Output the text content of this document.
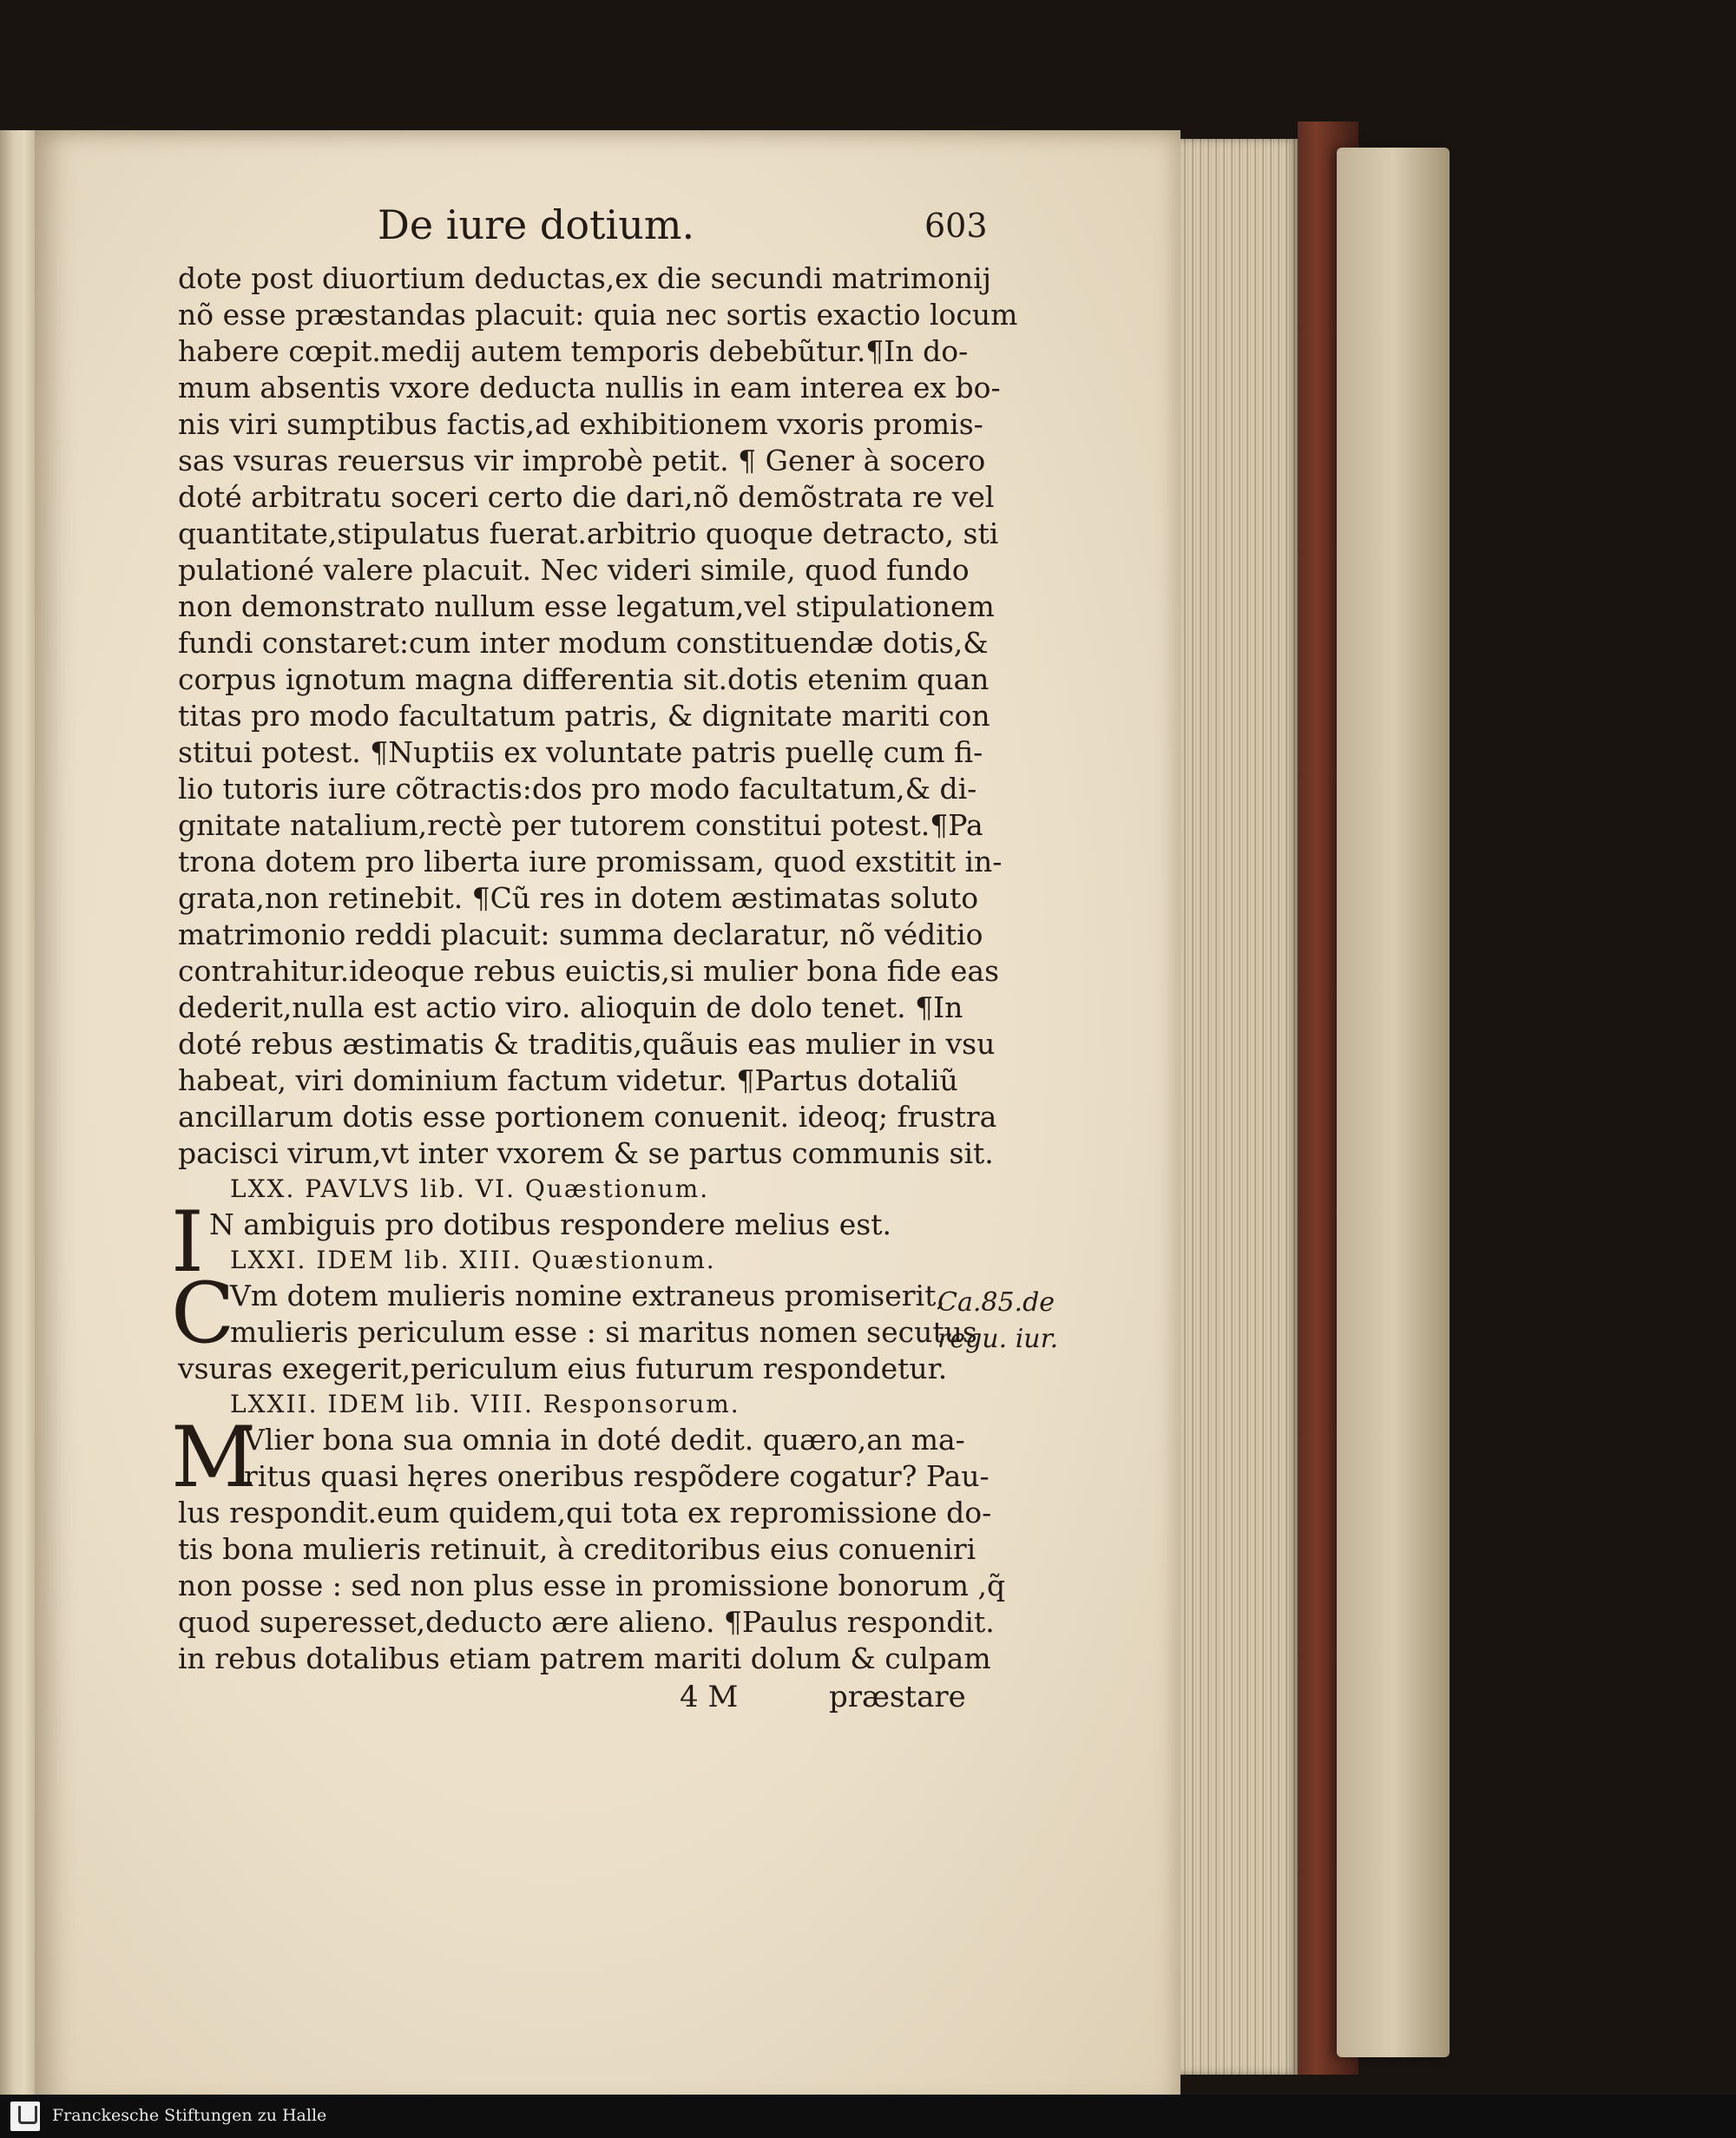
De iure dotium.	603
dote post diuortium deductas,ex die secundi matrimonij
nõ esse præstandas placuit: quia nec sortis exactio locum
habere cœpit.medij autem temporis debebũtur.¶In do-
mum absentis vxore deducta nullis in eam interea ex bo-
nis viri sumptibus factis,ad exhibitionem vxoris promis-
sas vsuras reuersus vir improbè petit. ¶ Gener à socero
doté arbitratu soceri certo die dari,nõ demõstrata re vel
quantitate,stipulatus fuerat.arbitrio quoque detracto, sti
pulationé valere placuit. Nec videri simile, quod fundo
non demonstrato nullum esse legatum,vel stipulationem
fundi constaret:cum inter modum constituendæ dotis,&
corpus ignotum magna differentia sit.dotis etenim quan
titas pro modo facultatum patris, & dignitate mariti con
stitui potest. ¶Nuptiis ex voluntate patris puellę cum fi-
lio tutoris iure cõtractis:dos pro modo facultatum,& di-
gnitate natalium,rectè per tutorem constitui potest.¶Pa
trona dotem pro liberta iure promissam, quod exstitit in-
grata,non retinebit. ¶Cũ res in dotem æstimatas soluto
matrimonio reddi placuit: summa declaratur, nõ véditio
contrahitur.ideoque rebus euictis,si mulier bona fide eas
dederit,nulla est actio viro. alioquin de dolo tenet. ¶In
doté rebus æstimatis & traditis,quãuis eas mulier in vsu
habeat, viri dominium factum videtur. ¶Partus dotaliũ
ancillarum dotis esse portionem conuenit. ideoq; frustra
pacisci virum,vt inter vxorem & se partus communis sit.
LXX. PAVLVS lib. VI. Quæstionum.
I N ambiguis pro dotibus respondere melius est.
LXXI. IDEM lib. XIII. Quæstionum.
C
Vm dotem mulieris nomine extraneus promiserit,
mulieris periculum esse : si maritus nomen secutus
vsuras exegerit,periculum eius futurum respondetur.
LXXII. IDEM lib. VIII. Responsorum.
M
Vlier bona sua omnia in doté dedit. quæro,an ma-
ritus quasi hęres oneribus respõdere cogatur? Pau-
lus respondit.eum quidem,qui tota ex repromissione do-
tis bona mulieris retinuit, à creditoribus eius conueniri
non posse : sed non plus esse in promissione bonorum ,q̃
quod superesset,deducto ære alieno. ¶Paulus respondit.
in rebus dotalibus etiam patrem mariti dolum & culpam
4 M	præstare
Ca.85.de
regu. iur.
Franckesche Stiftungen zu Halle
